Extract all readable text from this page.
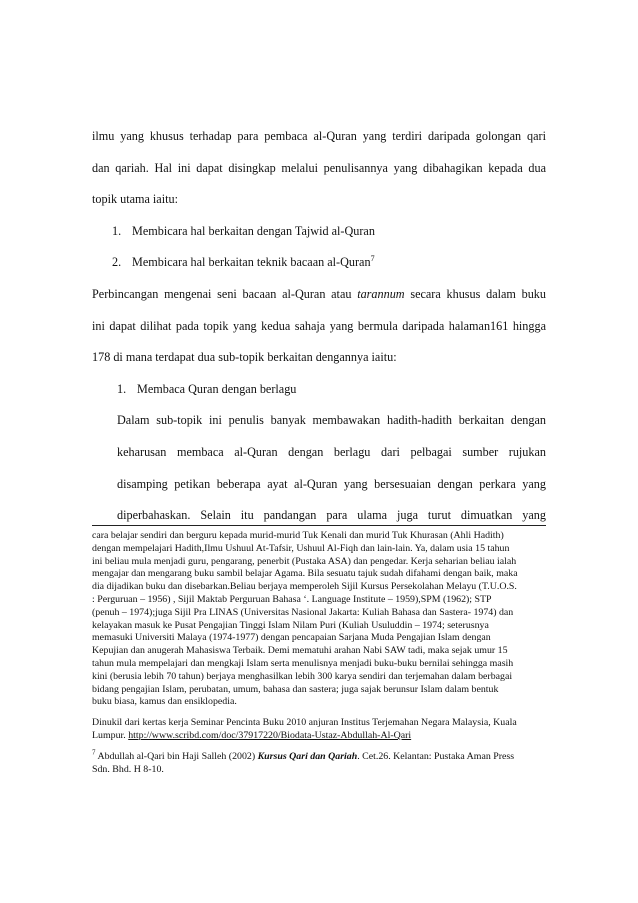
ilmu yang khusus terhadap para pembaca al-Quran yang terdiri daripada golongan qari

dan qariah. Hal ini dapat disingkap melalui penulisannya yang dibahagikan kepada dua

topik utama iaitu:

1. Membicara hal berkaitan dengan Tajwid al-Quran
2. Membicara hal berkaitan teknik bacaan al-Quran$^7$

Perbincangan mengenai seni bacaan al-Quran atau tarannum secara khusus dalam buku

ini dapat dilihat pada topik yang kedua sahaja yang bermula daripada halaman161 hingga

178 di mana terdapat dua sub-topik berkaitan dengannya iaitu:

1. Membaca Quran dengan berlagu

Dalam sub-topik ini penulis banyak membawakan hadith-hadith berkaitan dengan

keharusan membaca al-Quran dengan berlagu dari pelbagai sumber rujukan

disamping petikan beberapa ayat al-Quran yang bersesuaian dengan perkara yang

diperbahaskan. Selain itu pandangan para ulama juga turut dimuatkan yang

cara belajar sendiri dan berguru kepada murid-murid Tuk Kenali dan murid Tuk Khurasan (Ahli Hadith)

dengan mempelajari Hadith,Ilmu Ushuul At-Tafsir, Ushuul Al-Fiqh dan lain-lain. Ya, dalam usia 15 tahun

ini beliau mula menjadi guru, pengarang, penerbit (Pustaka ASA) dan pengedar. Kerja seharian beliau ialah

mengajar dan mengarang buku sambil belajar Agama. Bila sesuatu tajuk sudah difahami dengan baik, maka

dia dijadikan buku dan disebarkan.Beliau berjaya memperoleh Sijil Kursus Persekolahan Melayu (T.U.O.S.

: Perguruan – 1956) , Sijil Maktab Perguruan Bahasa ‘. Language Institute – 1959),SPM (1962); STP

(penuh – 1974);juga Sijil Pra LINAS (Universitas Nasional Jakarta: Kuliah Bahasa dan Sastera- 1974) dan

kelayakan masuk ke Pusat Pengajian Tinggi Islam Nilam Puri (Kuliah Usuluddin – 1974; seterusnya

memasuki Universiti Malaya (1974-1977) dengan pencapaian Sarjana Muda Pengajian Islam dengan

Kepujian dan anugerah Mahasiswa Terbaik. Demi mematuhi arahan Nabi SAW tadi, maka sejak umur 15

tahun mula mempelajari dan mengkaji Islam serta menulisnya menjadi buku-buku bernilai sehingga masih

kini (berusia lebih 70 tahun) berjaya menghasilkan lebih 300 karya sendiri dan terjemahan dalam berbagai

bidang pengajian Islam, perubatan, umum, bahasa dan sastera; juga sajak berunsur Islam dalam bentuk

buku biasa, kamus dan ensiklopedia.

Dinukil dari kertas kerja Seminar Pencinta Buku 2010 anjuran Institus Terjemahan Negara Malaysia, Kuala

Lumpur. http://www.scribd.com/doc/37917220/Biodata-Ustaz-Abdullah-Al-Qari

$^7$ Abdullah al-Qari bin Haji Salleh (2002) Kursus Qari dan Qariah. Cet.26. Kelantan: Pustaka Aman Press

Sdn. Bhd. H 8-10.
